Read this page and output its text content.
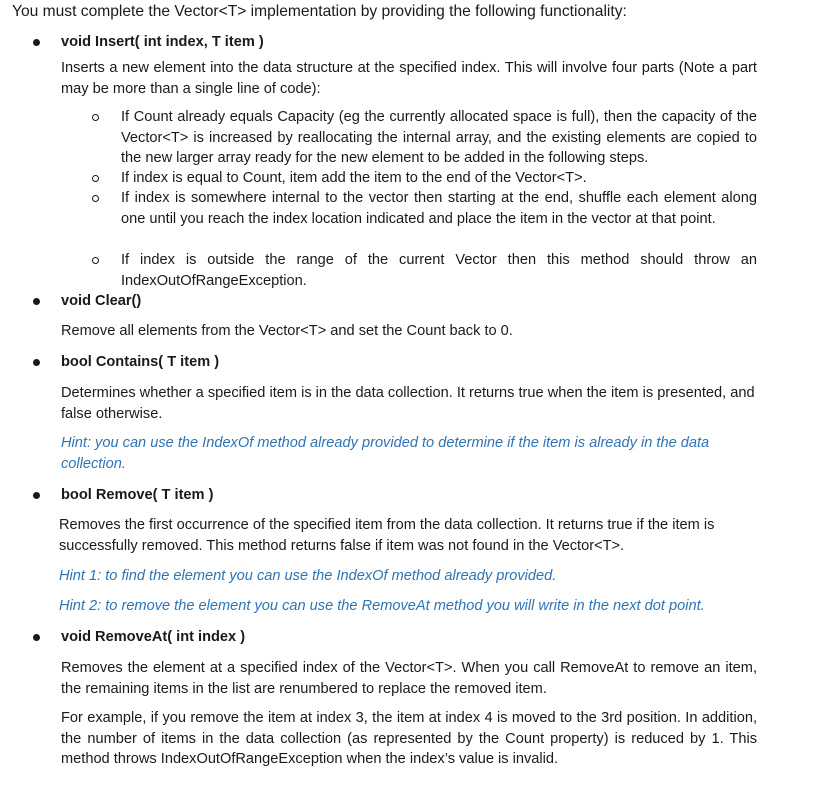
You must complete the Vector<T> implementation by providing the following functionality:
void Insert( int index, T item )
Inserts a new element into the data structure at the specified index. This will involve four parts (Note a part may be more than a single line of code):
If Count already equals Capacity (eg the currently allocated space is full), then the capacity of the Vector<T> is increased by reallocating the internal array, and the existing elements are copied to the new larger array ready for the new element to be added in the following steps.
If index is equal to Count, item add the item to the end of the Vector<T>.
If index is somewhere internal to the vector then starting at the end, shuffle each element along one until you reach the index location indicated and place the item in the vector at that point.
If index is outside the range of the current Vector then this method should throw an IndexOutOfRangeException.
void Clear()
Remove all elements from the Vector<T> and set the Count back to 0.
bool Contains( T item )
Determines whether a specified item is in the data collection. It returns true when the item is presented, and false otherwise.
Hint: you can use the IndexOf method already provided to determine if the item is already in the data collection.
bool Remove( T item )
Removes the first occurrence of the specified item from the data collection. It returns true if the item is successfully removed. This method returns false if item was not found in the Vector<T>.
Hint 1: to find the element you can use the IndexOf method already provided.
Hint 2: to remove the element you can use the RemoveAt method you will write in the next dot point.
void RemoveAt( int index )
Removes the element at a specified index of the Vector<T>. When you call RemoveAt to remove an item, the remaining items in the list are renumbered to replace the removed item.
For example, if you remove the item at index 3, the item at index 4 is moved to the 3rd position. In addition, the number of items in the data collection (as represented by the Count property) is reduced by 1. This method throws IndexOutOfRangeException when the index’s value is invalid.
